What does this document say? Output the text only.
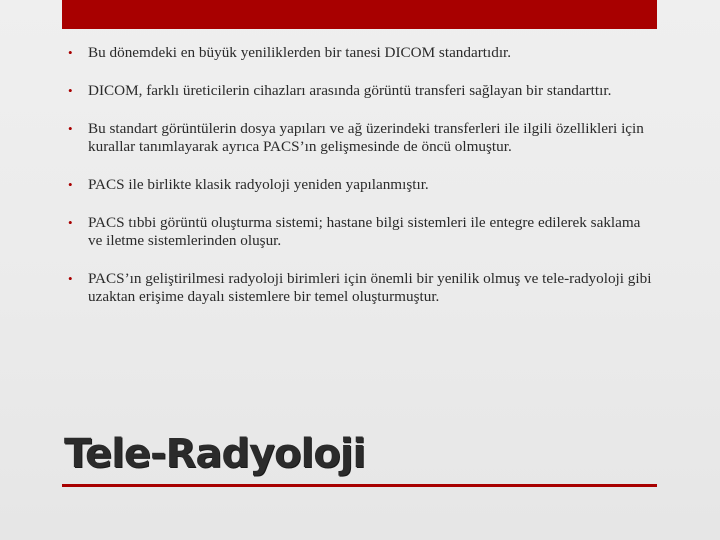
• Bu dönemdeki en büyük yeniliklerden bir tanesi DICOM standartıdır.
• DICOM, farklı üreticilerin cihazları arasında görüntü transferi sağlayan bir standarttır.
• Bu standart görüntülerin dosya yapıları ve ağ üzerindeki transferleri ile ilgili özellikleri için kurallar tanımlayarak ayrıca PACS’ın gelişmesinde de öncü olmuştur.
• PACS ile birlikte klasik radyoloji yeniden yapılanmıştır.
• PACS tıbbi görüntü oluşturma sistemi; hastane bilgi sistemleri ile entegre edilerek saklama ve iletme sistemlerinden oluşur.
• PACS’ın geliştirilmesi radyoloji birimleri için önemli bir yenilik olmuş ve tele-radyoloji gibi uzaktan erişime dayalı sistemlere bir temel oluşturmuştur.
Tele-Radyoloji
